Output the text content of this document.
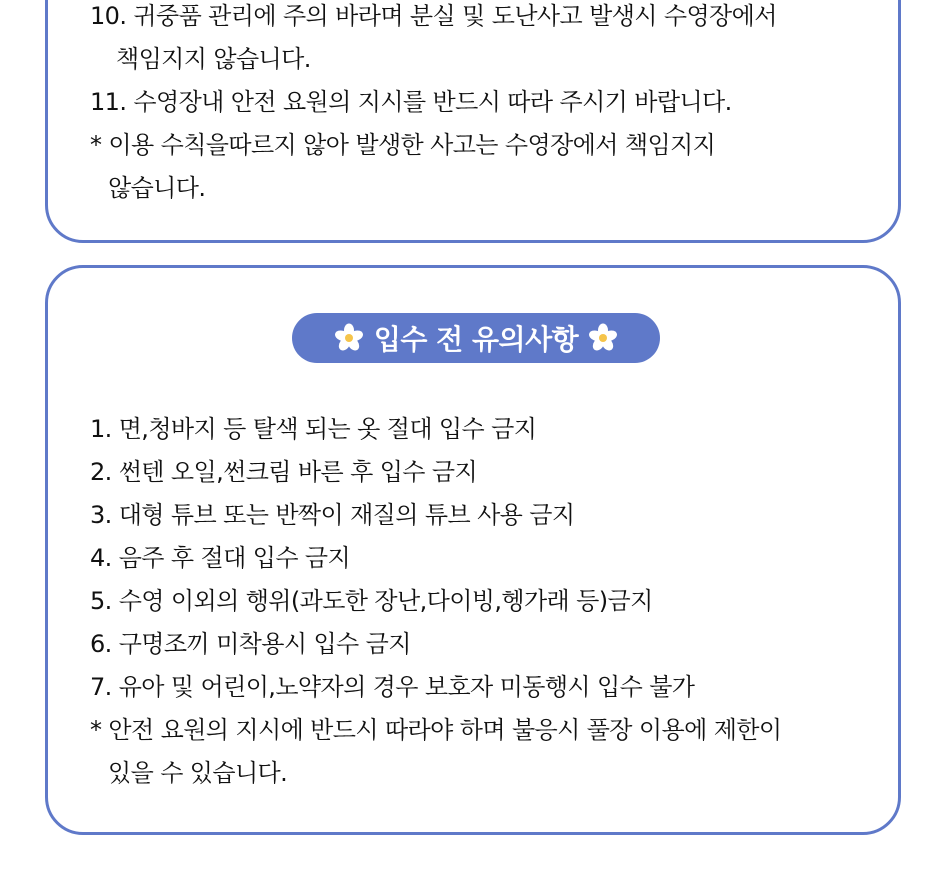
10. 귀중품 관리에 주의 바라며 분실 및 도난사고 발생시 수영장에서
책임지지 않습니다.
11. 수영장내 안전 요원의 지시를 반드시 따라 주시기 바랍니다.
* 이용 수칙을따르지 않아 발생한 사고는 수영장에서 책임지지
않습니다.
입수 전 유의사항
1. 면,청바지 등 탈색 되는 옷 절대 입수 금지
2. 썬텐 오일,썬크림 바른 후 입수 금지
3. 대형 튜브 또는 반짝이 재질의 튜브 사용 금지
4. 음주 후 절대 입수 금지
5. 수영 이외의 행위(과도한 장난,다이빙,헹가래 등)금지
6. 구명조끼 미착용시 입수 금지
7. 유아 및 어린이,노약자의 경우 보호자 미동행시 입수 불가
* 안전 요원의 지시에 반드시 따라야 하며 불응시 풀장 이용에 제한이
있을 수 있습니다.
